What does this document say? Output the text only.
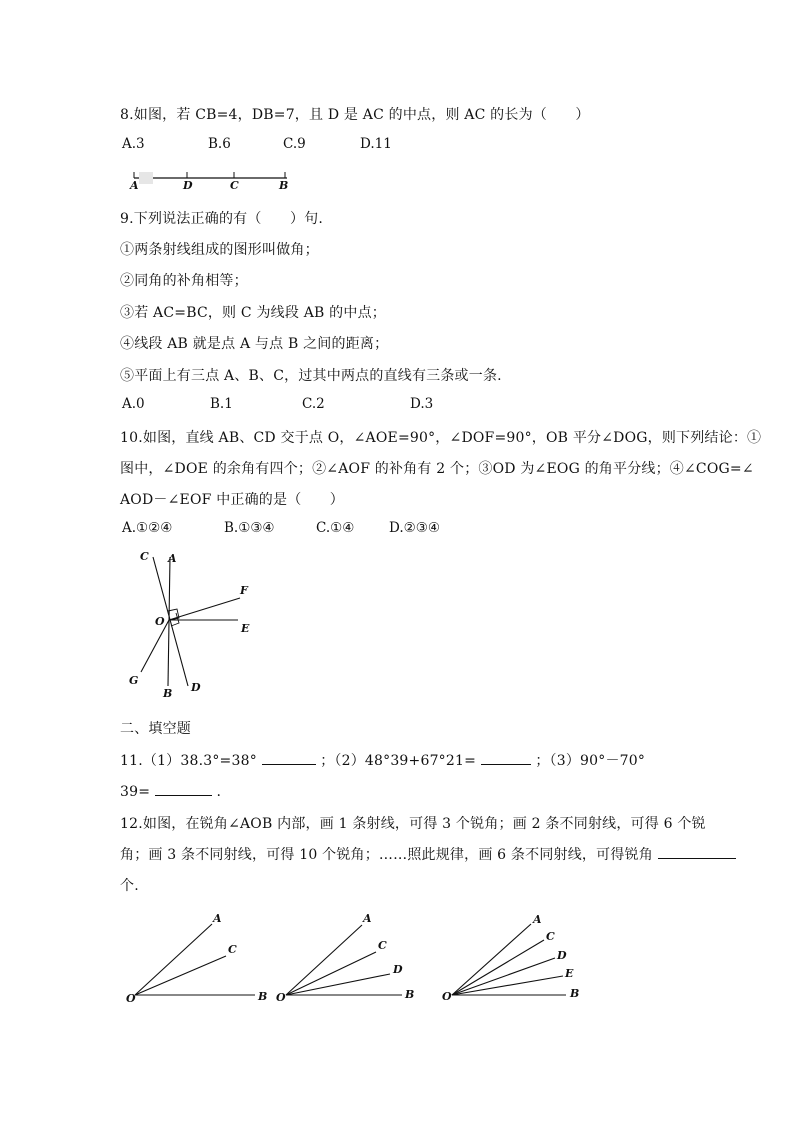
8.如图，若 CB=4，DB=7，且 D 是 AC 的中点，则 AC 的长为（　　）
A.3	B.6	C.9	D.11
A	D	C	B
9.下列说法正确的有（　　）句.
①两条射线组成的图形叫做角；
②同角的补角相等；
③若 AC=BC，则 C 为线段 AB 的中点；
④线段 AB 就是点 A 与点 B 之间的距离；
⑤平面上有三点 A、B、C，过其中两点的直线有三条或一条.
A.0	B.1	C.2	D.3
10.如图，直线 AB、CD 交于点 O，∠AOE=90°，∠DOF=90°，OB 平分∠DOG，则下列结论：①
图中，∠DOE 的余角有四个；②∠AOF 的补角有 2 个；③OD 为∠EOG 的角平分线；④∠COG=∠
AOD－∠EOF 中正确的是（　　）
A.①②④	B.①③④	C.①④	D.②③④
C A
F
O
E
G
B D
二、填空题
11.（1）38.3°=38°	；（2）48°39+67°21=	；（3）90°－70°
39=	.
12.如图，在锐角∠AOB 内部，画 1 条射线，可得 3 个锐角；画 2 条不同射线，可得 6 个锐
角；画 3 条不同射线，可得 10 个锐角；……照此规律，画 6 条不同射线，可得锐角
个.
A
C
O	B
A
C
D
O	B
A
C
D
E
O	B
